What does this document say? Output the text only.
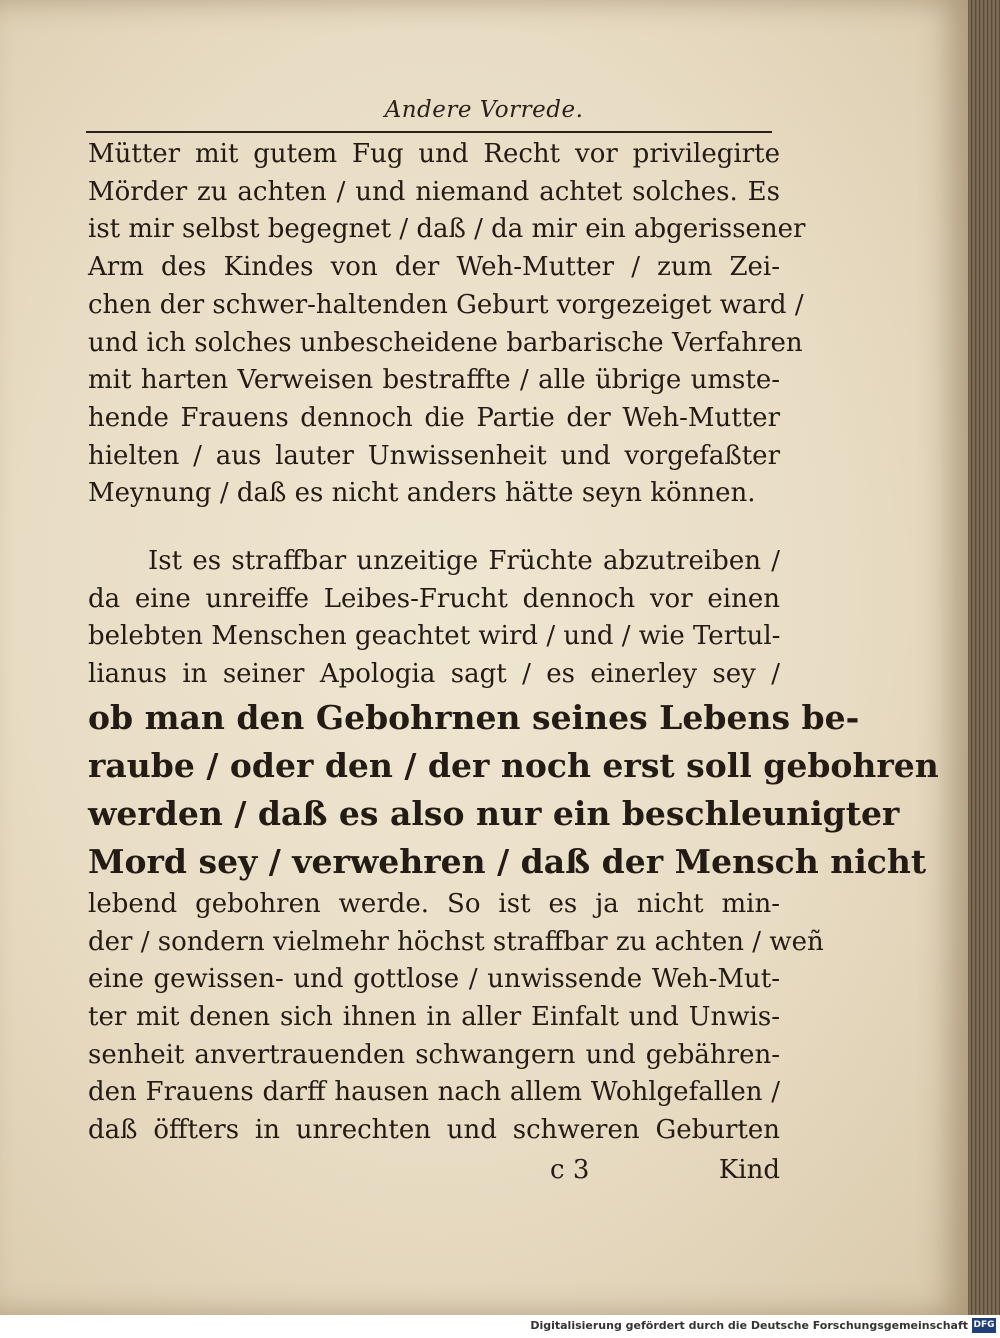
Andere Vorrede.
Mütter mit gutem Fug und Recht vor privilegirte
Mörder zu achten / und niemand achtet solches. Es
ist mir selbst begegnet / daß / da mir ein abgerissener
Arm des Kindes von der Weh-Mutter / zum Zei-
chen der schwer-haltenden Geburt vorgezeiget ward /
und ich solches unbescheidene barbarische Verfahren
mit harten Verweisen bestraffte / alle übrige umste-
hende Frauens dennoch die Partie der Weh-Mutter
hielten / aus lauter Unwissenheit und vorgefaßter
Meynung / daß es nicht anders hätte seyn können.
Ist es straffbar unzeitige Früchte abzutreiben /
da eine unreiffe Leibes-Frucht dennoch vor einen
belebten Menschen geachtet wird / und / wie Tertul-
lianus in seiner Apologia sagt / es einerley sey /
ob man den Gebohrnen seines Lebens be-
raube / oder den / der noch erst soll gebohren
werden / daß es also nur ein beschleunigter
Mord sey / verwehren / daß der Mensch nicht
lebend gebohren werde. So ist es ja nicht min-
der / sondern vielmehr höchst straffbar zu achten / weñ
eine gewissen- und gottlose / unwissende Weh-Mut-
ter mit denen sich ihnen in aller Einfalt und Unwis-
senheit anvertrauenden schwangern und gebähren-
den Frauens darff hausen nach allem Wohlgefallen /
daß öffters in unrechten und schweren Geburten
c 3	Kind
Digitalisierung gefördert durch die Deutsche Forschungsgemeinschaft DFG
